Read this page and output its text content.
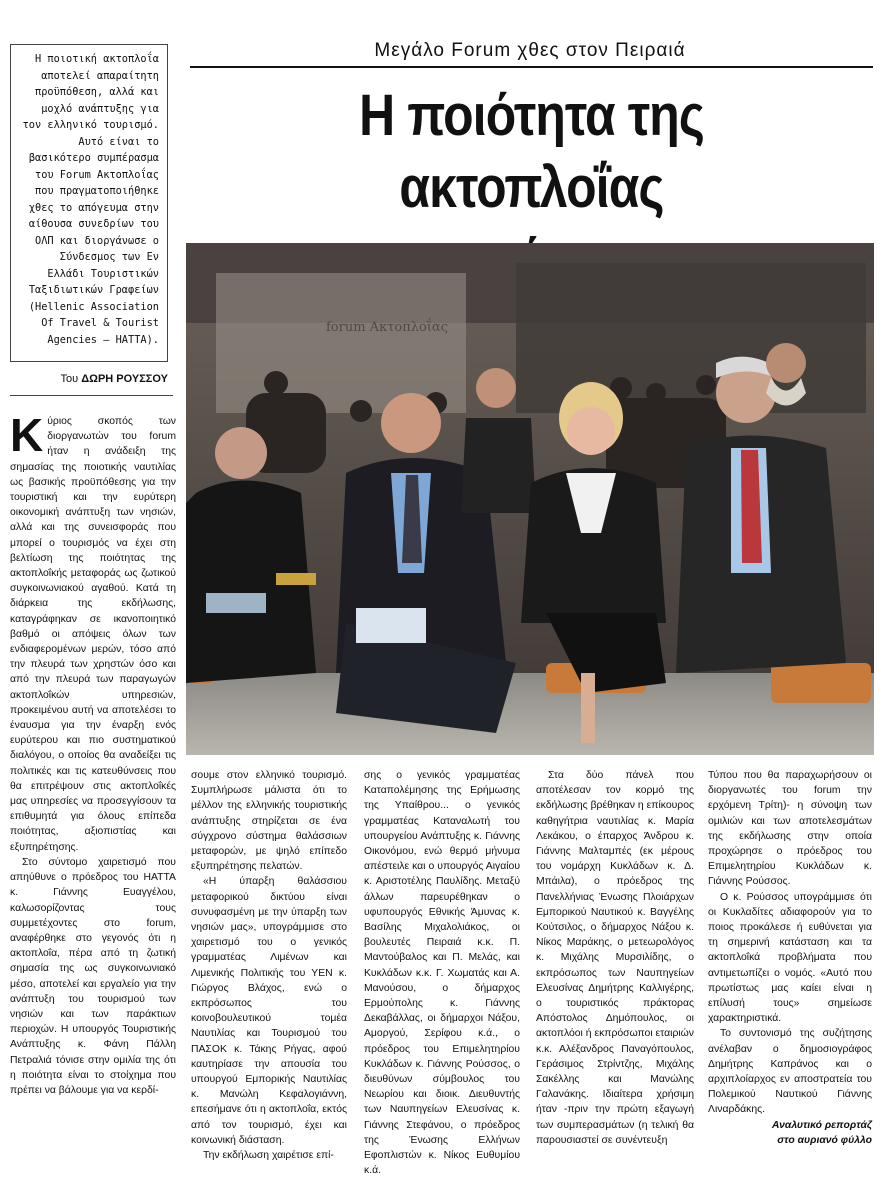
Μεγάλο Forum χθες στον Πειραιά
Η ποιότητα της ακτοπλοΐας
Η ποιοτική ακτοπλοΐα αποτελεί απαραίτητη προϋπόθεση, αλλά και μοχλό ανάπτυξης για τον ελληνικό τουρισμό. Αυτό είναι το βασικότερο συμπέρασμα του Forum Ακτοπλοΐας που πραγματοποιήθηκε χθες το απόγευμα στην αίθουσα συνεδρίων του ΟΛΠ και διοργάνωσε ο Σύνδεσμος των Εν Ελλάδι Τουριστικών Ταξιδιωτικών Γραφείων (Hellenic Association Of Travel & Tourist Agencies – HATTA).
Του ΔΩΡΗ ΡΟΥΣΣΟΥ
forum Ακτοπλοΐας

Κύριος σκοπός των διοργανωτών του forum ήταν η ανάδειξη της σημασίας της ποιοτικής ναυτιλίας ως βασικής προϋπόθεσης για την τουριστική και την ευρύτερη οικονομική ανάπτυξη των νησιών, αλλά και της συνεισφοράς που μπορεί ο τουρισμός να έχει στη βελτίωση της ποιότητας της ακτοπλοΐκής μεταφοράς ως ζωτικού συγκοινωνιακού αγαθού. Κατά τη διάρκεια της εκδήλωσης, καταγράφηκαν σε ικανοποιητικό βαθμό οι απόψεις όλων των ενδιαφερομένων μερών, τόσο από την πλευρά των χρηστών όσο και από την πλευρά των παραγωγών ακτοπλοΐκών υπηρεσιών, προκειμένου αυτή να αποτελέσει το έναυσμα για την έναρξη ενός ευρύτερου και πιο συστηματικού διαλόγου, ο οποίος θα αναδείξει τις πολιτικές και τις κατευθύνσεις που θα επιτρέψουν στις ακτοπλοΐκές μας υπηρεσίες να προσεγγίσουν τα επιθυμητά για όλους επίπεδα ποιότητας, αξιοπιστίας και εξυπηρέτησης.

Στο σύντομο χαιρετισμό που απηύθυνε ο πρόεδρος του HATTA κ. Γιάννης Ευαγγέλου, καλωσορίζοντας τους συμμετέχοντες στο forum, αναφέρθηκε στο γεγονός ότι η ακτοπλοΐα, πέρα από τη ζωτική σημασία της ως συγκοινωνιακό μέσο, αποτελεί και εργαλείο για την ανάπτυξη του τουρισμού των νησιών και των παράκτιων περιοχών. Η υπουργός Τουριστικής Ανάπτυξης κ. Φάνη Πάλλη Πετραλιά τόνισε στην ομιλία της ότι η ποιότητα είναι το στοίχημα που πρέπει να βάλουμε για να κερδί-

σουμε στον ελληνικό τουρισμό. Συμπλήρωσε μάλιστα ότι το μέλλον της ελληνικής τουριστικής ανάπτυξης στηρίζεται σε ένα σύγχρονο σύστημα θαλάσσιων μεταφορών, με ψηλό επίπεδο εξυπηρέτησης πελατών.

«Η ύπαρξη θαλάσσιου μεταφορικού δικτύου είναι συνυφασμένη με την ύπαρξη των νησιών μας», υπογράμμισε στο χαιρετισμό του ο γενικός γραμματέας Λιμένων και Λιμενικής Πολιτικής του ΥΕΝ κ. Γιώργος Βλάχος, ενώ ο εκπρόσωπος του κοινοβουλευτικού τομέα Ναυτιλίας και Τουρισμού του ΠΑΣΟΚ κ. Τάκης Ρήγας, αφού καυτηρίασε την απουσία του υπουργού Εμπορικής Ναυτιλίας κ. Μανώλη Κεφαλογιάννη, επεσήμανε ότι η ακτοπλοΐα, εκτός από τον τουρισμό, έχει και κοινωνική διάσταση.

Την εκδήλωση χαιρέτισε επί-

σης ο γενικός γραμματέας Καταπολέμησης της Ερήμωσης της Υπαίθρου... ο γενικός γραμματέας Καταναλωτή του υπουργείου Ανάπτυξης κ. Γιάννης Οικονόμου, ενώ θερμό μήνυμα απέστειλε και ο υπουργός Αιγαίου κ. Αριστοτέλης Παυλίδης. Μεταξύ άλλων παρευρέθηκαν ο υφυπουργός Εθνικής Άμυνας κ. Βασίλης Μιχαλολιάκος, οι βουλευτές Πειραιά κ.κ. Π. Μαντούβαλος και Π. Μελάς, και Κυκλάδων κ.κ. Γ. Χωματάς και Α. Μανούσου, ο δήμαρχος Ερμούπολης κ. Γιάννης Δεκαβάλλας, οι δήμαρχοι Νάξου, Αμοργού, Σερίφου κ.ά., ο πρόεδρος του Επιμελητηρίου Κυκλάδων κ. Γιάννης Ρούσσος, ο διευθύνων σύμβουλος του Νεωρίου και διοικ. Διευθυντής των Ναυπηγείων Ελευσίνας κ. Γιάννης Στεφάνου, ο πρόεδρος της Ένωσης Ελλήνων Εφοπλιστών κ. Νίκος Ευθυμίου κ.ά.

Στα δύο πάνελ που αποτέλεσαν τον κορμό της εκδήλωσης βρέθηκαν η επίκουρος καθηγήτρια ναυτιλίας κ. Μαρία Λεκάκου, ο έπαρχος Άνδρου κ. Γιάννης Μαλταμπές (εκ μέρους του νομάρχη Κυκλάδων κ. Δ. Μπάιλα), ο πρόεδρος της Πανελλήνιας Ένωσης Πλοιάρχων Εμπορικού Ναυτικού κ. Βαγγέλης Κούτσιλος, ο δήμαρχος Νάξου κ. Νίκος Μαράκης, ο μετεωρολόγος κ. Μιχάλης Μυρσιλίδης, ο εκπρόσωπος των Ναυπηγείων Ελευσίνας Δημήτρης Καλλιγέρης, ο τουριστικός πράκτορας Απόστολος Δημόπουλος, οι ακτοπλόοι ή εκπρόσωποι εταιριών κ.κ. Αλέξανδρος Παναγόπουλος, Γεράσιμος Στρίντζης, Μιχάλης Σακέλλης και Μανώλης Γαλανάκης. Ιδιαίτερα χρήσιμη ήταν -πριν την πρώτη εξαγωγή των συμπερασμάτων (η τελική θα παρουσιαστεί σε συνέντευξη

Τύπου που θα παραχωρήσουν οι διοργανωτές του forum την ερχόμενη Τρίτη)- η σύνοψη των ομιλιών και των αποτελεσμάτων της εκδήλωσης στην οποία προχώρησε ο πρόεδρος του Επιμελητηρίου Κυκλάδων κ. Γιάννης Ρούσσος.

Ο κ. Ρούσσος υπογράμμισε ότι οι Κυκλαδίτες αδιαφορούν για το ποιος προκάλεσε ή ευθύνεται για τη σημερινή κατάσταση και τα ακτοπλοΐκά προβλήματα που αντιμετωπίζει ο νομός. «Αυτό που πρωτίστως μας καίει είναι η επίλυσή τους» σημείωσε χαρακτηριστικά.

Το συντονισμό της συζήτησης ανέλαβαν ο δημοσιογράφος Δημήτρης Καπράνος και ο αρχιπλοίαρχος εν αποστρατεία του Πολεμικού Ναυτικού Γιάννης Λιναρδάκης.

Αναλυτικό ρεπορτάζ
στο αυριανό φύλλο
